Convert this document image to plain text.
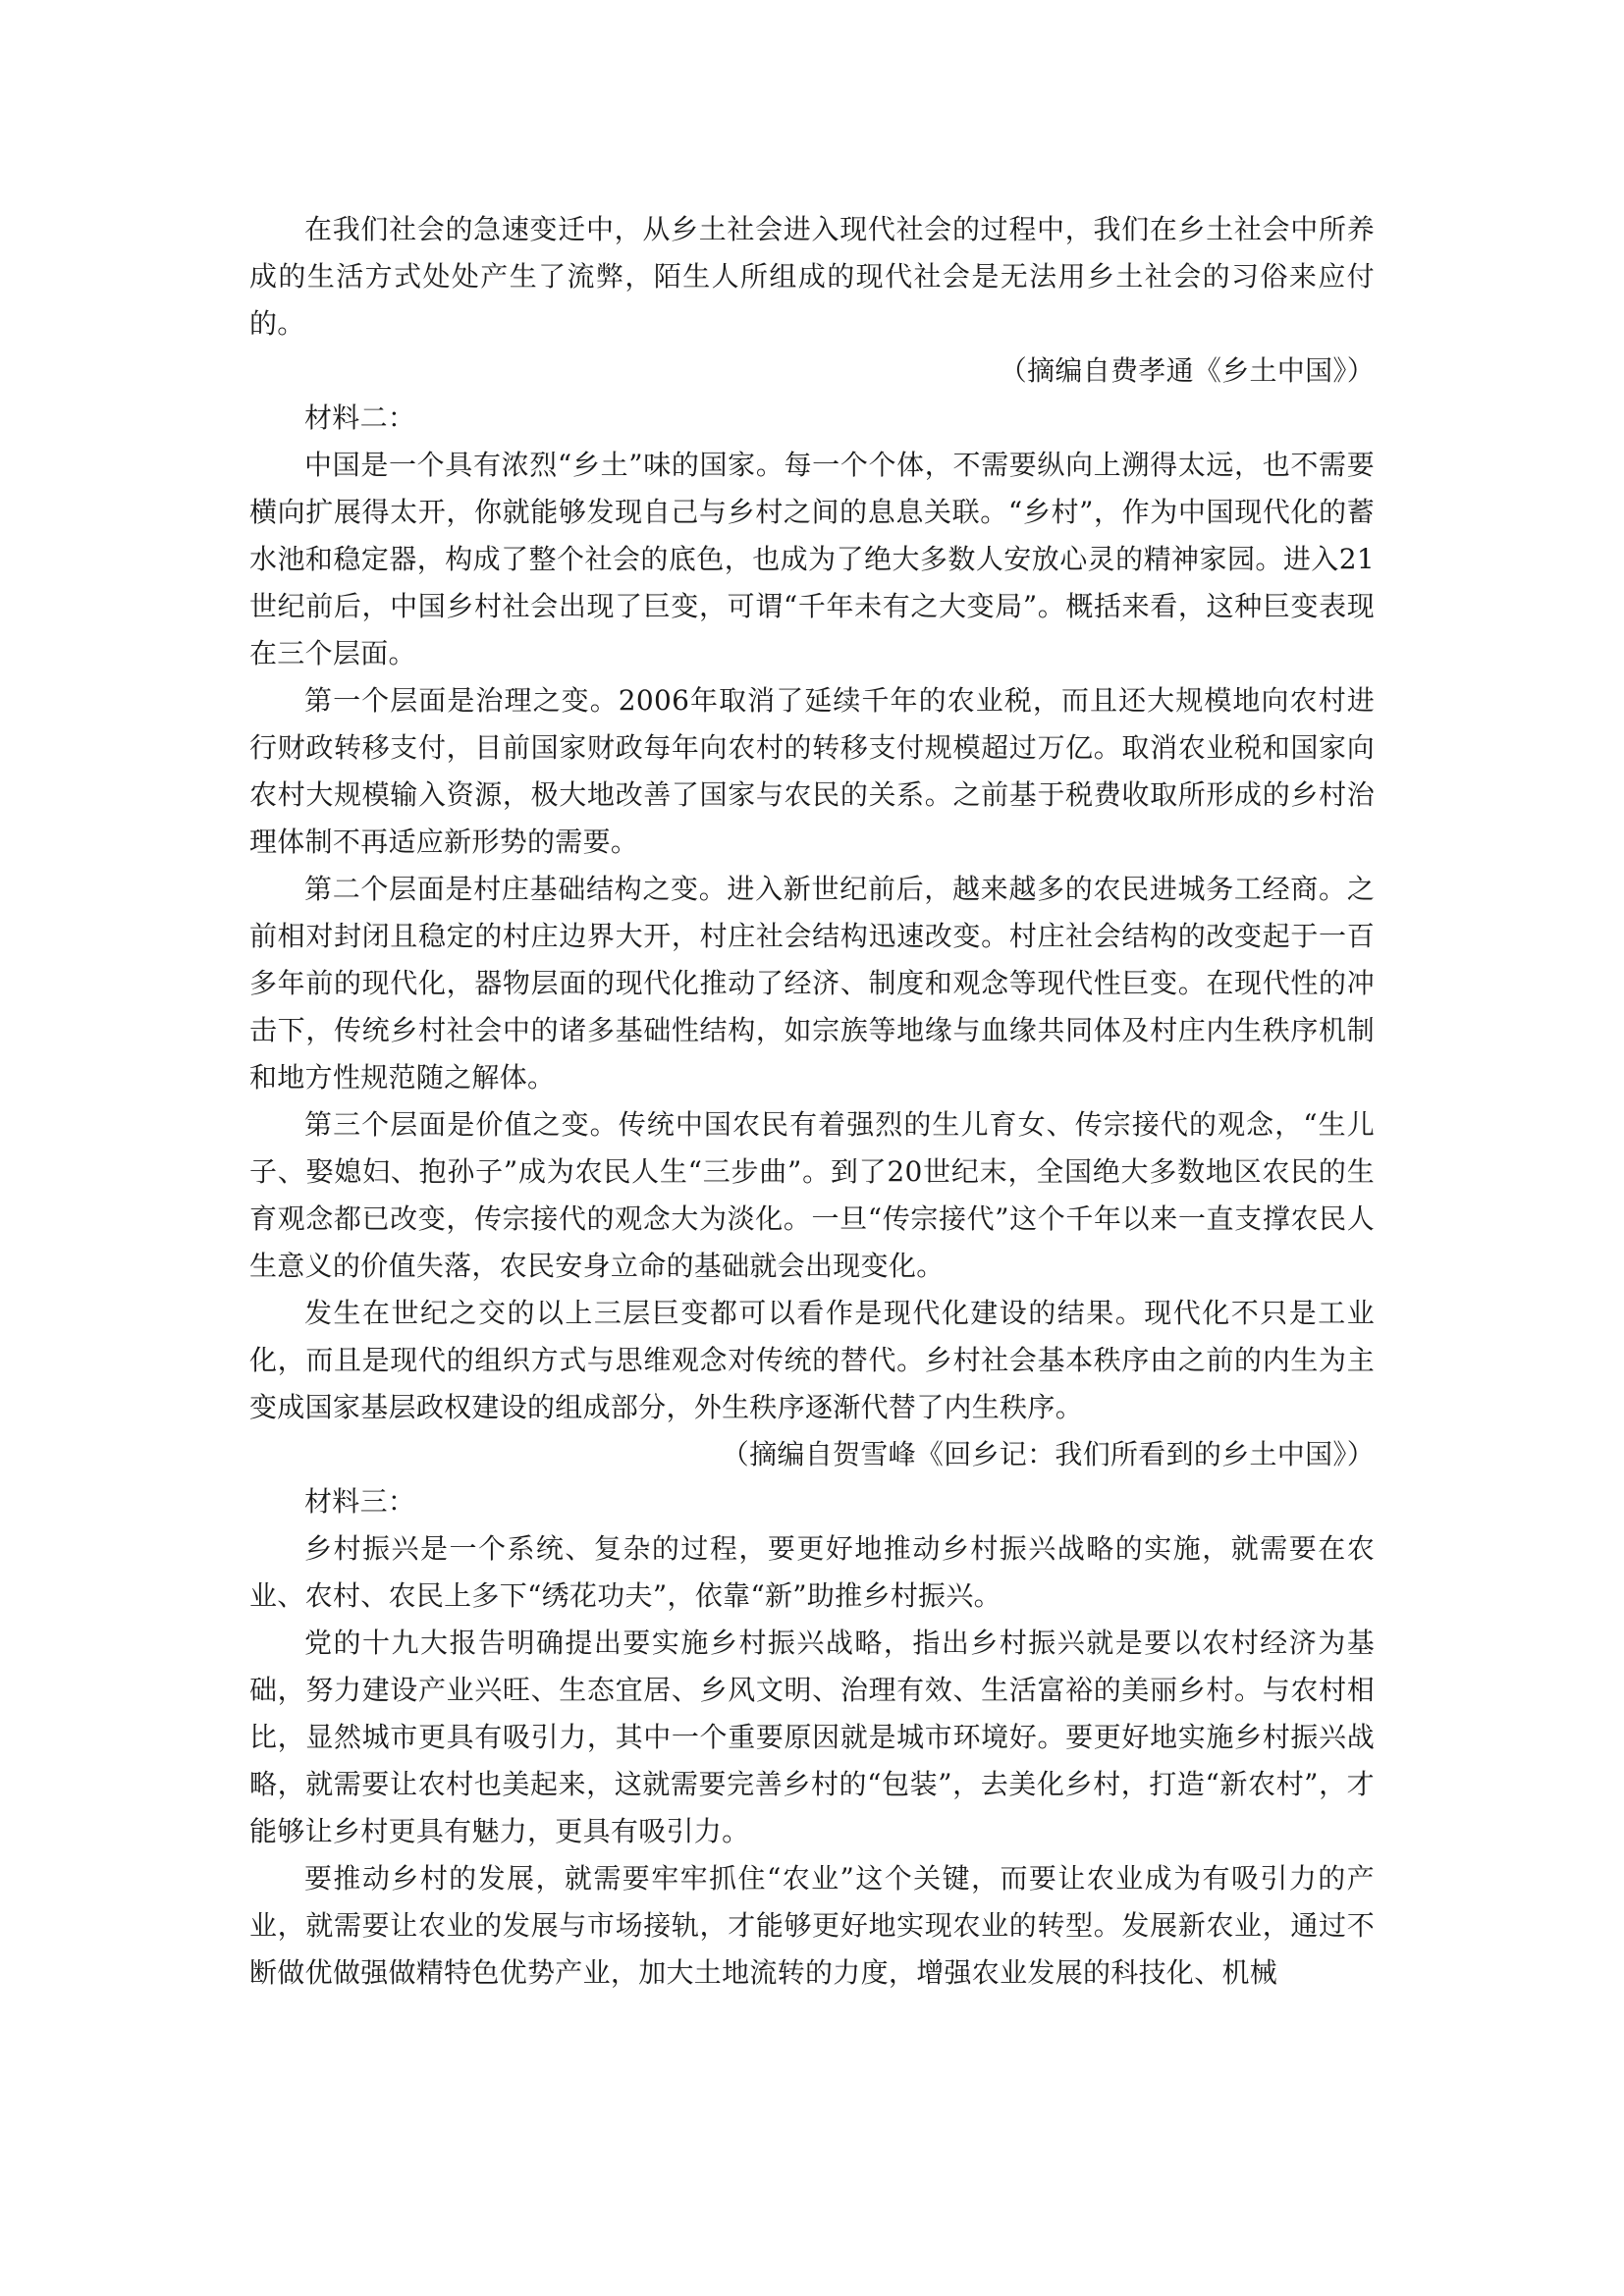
在我们社会的急速变迁中，从乡土社会进入现代社会的过程中，我们在乡土社会中所养成的生活方式处处产生了流弊，陌生人所组成的现代社会是无法用乡土社会的习俗来应付的。

（摘编自费孝通《乡土中国》）

材料二：

中国是一个具有浓烈“乡土”味的国家。每一个个体，不需要纵向上溯得太远，也不需要横向扩展得太开，你就能够发现自己与乡村之间的息息关联。“乡村”，作为中国现代化的蓄水池和稳定器，构成了整个社会的底色，也成为了绝大多数人安放心灵的精神家园。进入21世纪前后，中国乡村社会出现了巨变，可谓“千年未有之大变局”。概括来看，这种巨变表现在三个层面。

第一个层面是治理之变。2006年取消了延续千年的农业税，而且还大规模地向农村进行财政转移支付，目前国家财政每年向农村的转移支付规模超过万亿。取消农业税和国家向农村大规模输入资源，极大地改善了国家与农民的关系。之前基于税费收取所形成的乡村治理体制不再适应新形势的需要。

第二个层面是村庄基础结构之变。进入新世纪前后，越来越多的农民进城务工经商。之前相对封闭且稳定的村庄边界大开，村庄社会结构迅速改变。村庄社会结构的改变起于一百多年前的现代化，器物层面的现代化推动了经济、制度和观念等现代性巨变。在现代性的冲击下，传统乡村社会中的诸多基础性结构，如宗族等地缘与血缘共同体及村庄内生秩序机制和地方性规范随之解体。

第三个层面是价值之变。传统中国农民有着强烈的生儿育女、传宗接代的观念，“生儿子、娶媳妇、抱孙子”成为农民人生“三步曲”。到了20世纪末，全国绝大多数地区农民的生育观念都已改变，传宗接代的观念大为淡化。一旦“传宗接代”这个千年以来一直支撑农民人生意义的价值失落，农民安身立命的基础就会出现变化。

发生在世纪之交的以上三层巨变都可以看作是现代化建设的结果。现代化不只是工业化，而且是现代的组织方式与思维观念对传统的替代。乡村社会基本秩序由之前的内生为主变成国家基层政权建设的组成部分，外生秩序逐渐代替了内生秩序。

（摘编自贺雪峰《回乡记：我们所看到的乡土中国》）

材料三：

乡村振兴是一个系统、复杂的过程，要更好地推动乡村振兴战略的实施，就需要在农业、农村、农民上多下“绣花功夫”，依靠“新”助推乡村振兴。

党的十九大报告明确提出要实施乡村振兴战略，指出乡村振兴就是要以农村经济为基础，努力建设产业兴旺、生态宜居、乡风文明、治理有效、生活富裕的美丽乡村。与农村相比，显然城市更具有吸引力，其中一个重要原因就是城市环境好。要更好地实施乡村振兴战略，就需要让农村也美起来，这就需要完善乡村的“包装”，去美化乡村，打造“新农村”，才能够让乡村更具有魅力，更具有吸引力。

要推动乡村的发展，就需要牢牢抓住“农业”这个关键，而要让农业成为有吸引力的产业，就需要让农业的发展与市场接轨，才能够更好地实现农业的转型。发展新农业，通过不断做优做强做精特色优势产业，加大土地流转的力度，增强农业发展的科技化、机械
